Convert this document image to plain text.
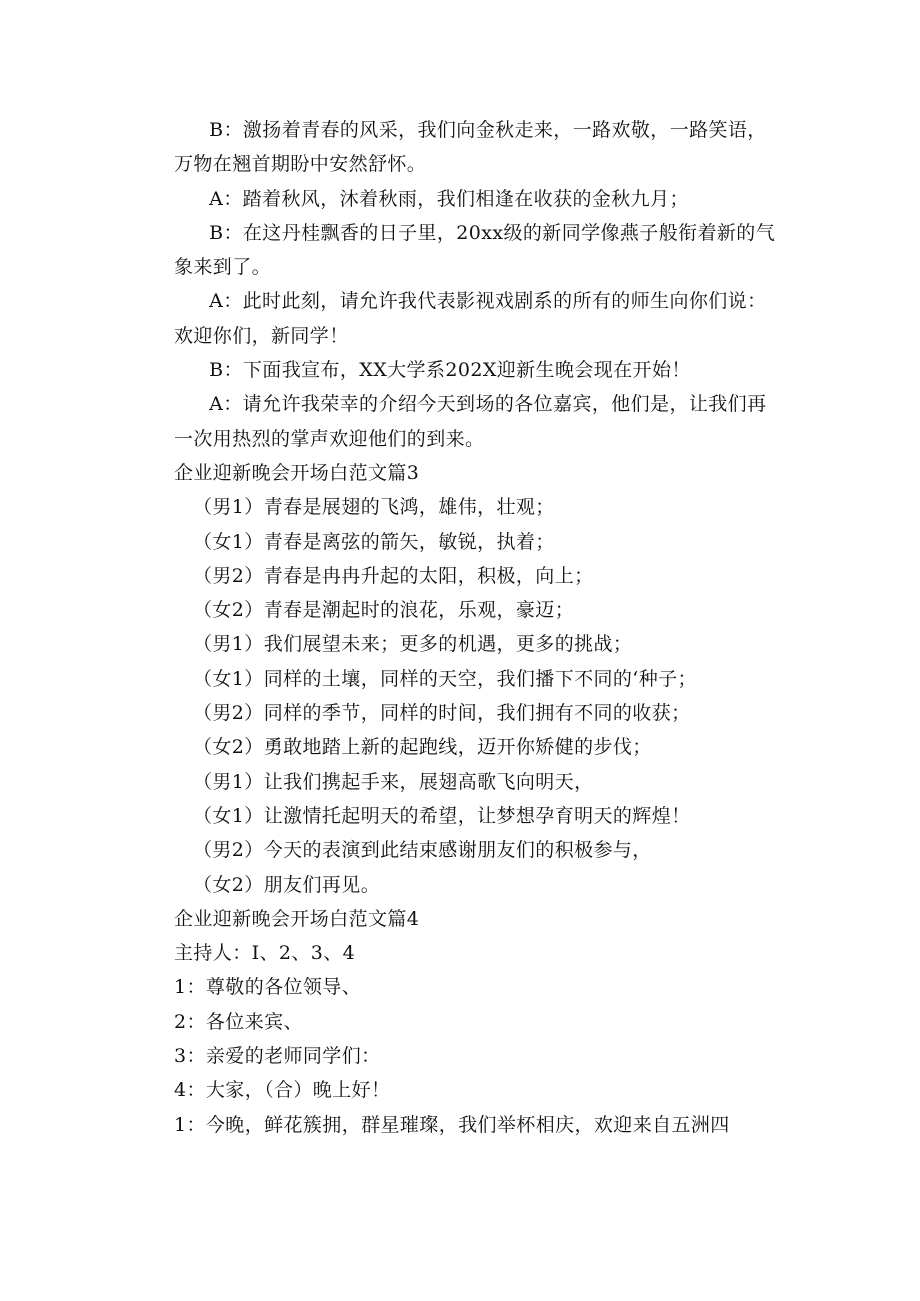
B：激扬着青春的风采，我们向金秋走来，一路欢敬，一路笑语，万物在翘首期盼中安然舒怀。

A：踏着秋风，沐着秋雨，我们相逢在收获的金秋九月；

B：在这丹桂飘香的日子里，20xx级的新同学像燕子般衔着新的气象来到了。

A：此时此刻，请允许我代表影视戏剧系的所有的师生向你们说：欢迎你们，新同学！

B：下面我宣布，XX大学系202X迎新生晚会现在开始！

A：请允许我荣幸的介绍今天到场的各位嘉宾，他们是，让我们再一次用热烈的掌声欢迎他们的到来。

企业迎新晚会开场白范文篇3

（男1）青春是展翅的飞鸿，雄伟，壮观；

（女1）青春是离弦的箭矢，敏锐，执着；

（男2）青春是冉冉升起的太阳，积极，向上；

（女2）青春是潮起时的浪花，乐观，豪迈；

（男1）我们展望未来；更多的机遇，更多的挑战；

（女1）同样的土壤，同样的天空，我们播下不同的‘种子；

（男2）同样的季节，同样的时间，我们拥有不同的收获；

（女2）勇敢地踏上新的起跑线，迈开你矫健的步伐；

（男1）让我们携起手来，展翅高歌飞向明天，

（女1）让激情托起明天的希望，让梦想孕育明天的辉煌！

（男2）今天的表演到此结束感谢朋友们的积极参与，

（女2）朋友们再见。

企业迎新晚会开场白范文篇4

主持人：I、2、3、4

1：尊敬的各位领导、

2：各位来宾、

3：亲爱的老师同学们：

4：大家，（合）晚上好！

1：今晚，鲜花簇拥，群星璀璨，我们举杯相庆，欢迎来自五洲四
